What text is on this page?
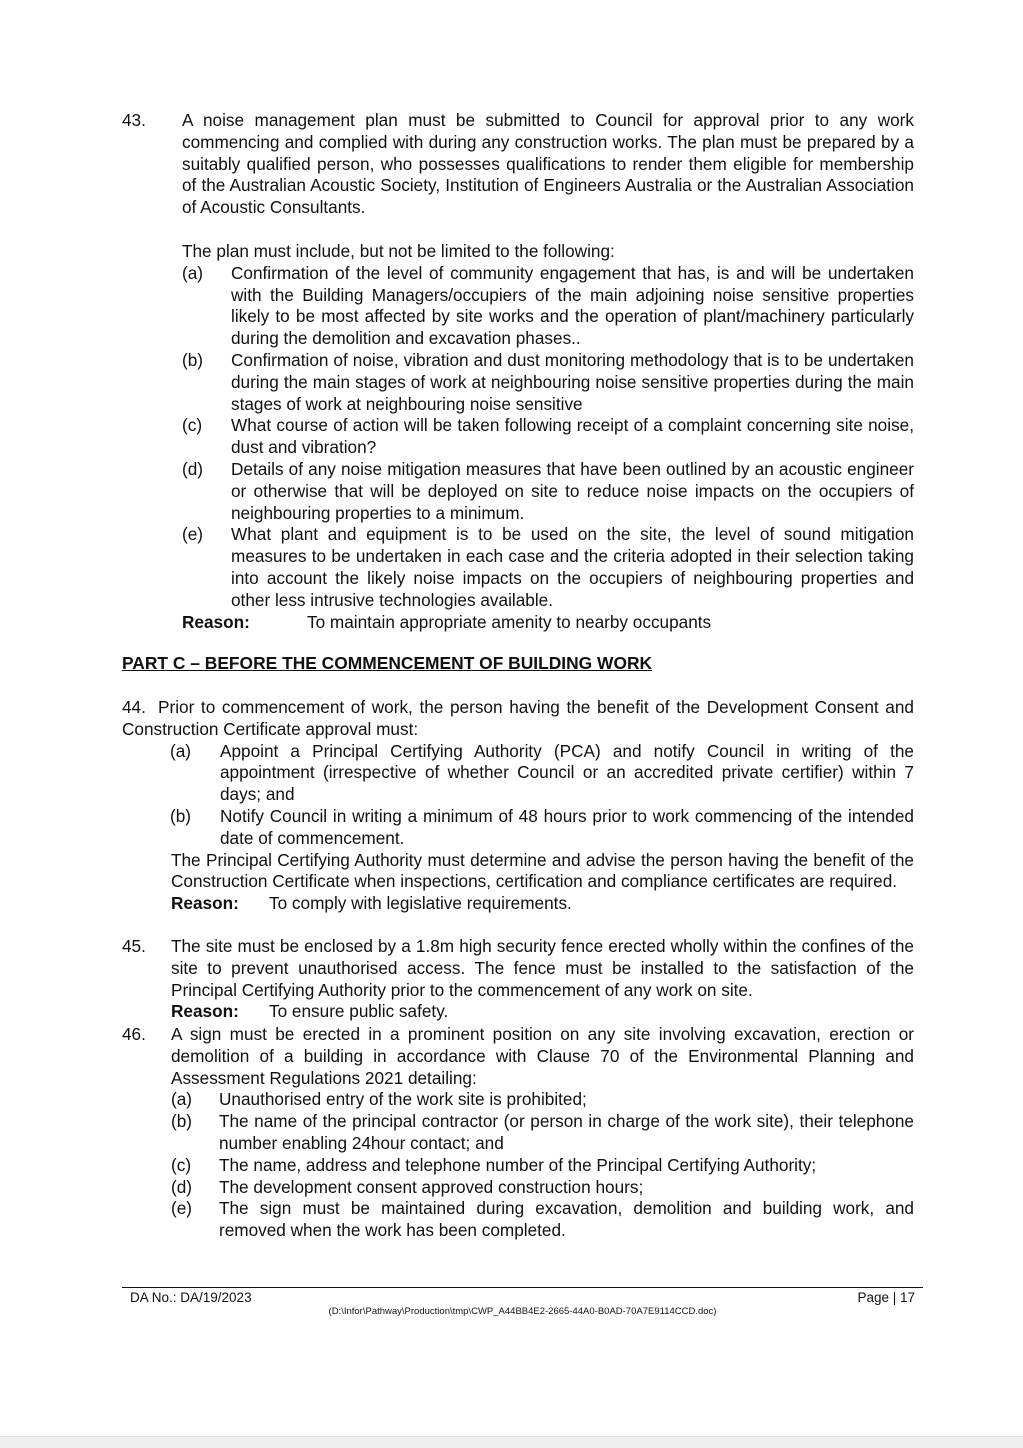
43. A noise management plan must be submitted to Council for approval prior to any work commencing and complied with during any construction works. The plan must be prepared by a suitably qualified person, who possesses qualifications to render them eligible for membership of the Australian Acoustic Society, Institution of Engineers Australia or the Australian Association of Acoustic Consultants.
The plan must include, but not be limited to the following:
(a) Confirmation of the level of community engagement that has, is and will be undertaken with the Building Managers/occupiers of the main adjoining noise sensitive properties likely to be most affected by site works and the operation of plant/machinery particularly during the demolition and excavation phases..
(b) Confirmation of noise, vibration and dust monitoring methodology that is to be undertaken during the main stages of work at neighbouring noise sensitive properties during the main stages of work at neighbouring noise sensitive
(c) What course of action will be taken following receipt of a complaint concerning site noise, dust and vibration?
(d) Details of any noise mitigation measures that have been outlined by an acoustic engineer or otherwise that will be deployed on site to reduce noise impacts on the occupiers of neighbouring properties to a minimum.
(e) What plant and equipment is to be used on the site, the level of sound mitigation measures to be undertaken in each case and the criteria adopted in their selection taking into account the likely noise impacts on the occupiers of neighbouring properties and other less intrusive technologies available.
Reason:	To maintain appropriate amenity to nearby occupants
PART C – BEFORE THE COMMENCEMENT OF BUILDING WORK
44. Prior to commencement of work, the person having the benefit of the Development Consent and Construction Certificate approval must:
(a) Appoint a Principal Certifying Authority (PCA) and notify Council in writing of the appointment (irrespective of whether Council or an accredited private certifier) within 7 days; and
(b) Notify Council in writing a minimum of 48 hours prior to work commencing of the intended date of commencement.
The Principal Certifying Authority must determine and advise the person having the benefit of the Construction Certificate when inspections, certification and compliance certificates are required.
Reason: To comply with legislative requirements.
45. The site must be enclosed by a 1.8m high security fence erected wholly within the confines of the site to prevent unauthorised access. The fence must be installed to the satisfaction of the Principal Certifying Authority prior to the commencement of any work on site.
Reason: To ensure public safety.
46. A sign must be erected in a prominent position on any site involving excavation, erection or demolition of a building in accordance with Clause 70 of the Environmental Planning and Assessment Regulations 2021 detailing:
(a) Unauthorised entry of the work site is prohibited;
(b) The name of the principal contractor (or person in charge of the work site), their telephone number enabling 24hour contact; and
(c) The name, address and telephone number of the Principal Certifying Authority;
(d) The development consent approved construction hours;
(e) The sign must be maintained during excavation, demolition and building work, and removed when the work has been completed.
DA No.: DA/19/2023	Page | 17
(D:\Infor\Pathway\Production\tmp\CWP_A44BB4E2-2665-44A0-B0AD-70A7E9114CCD.doc)
